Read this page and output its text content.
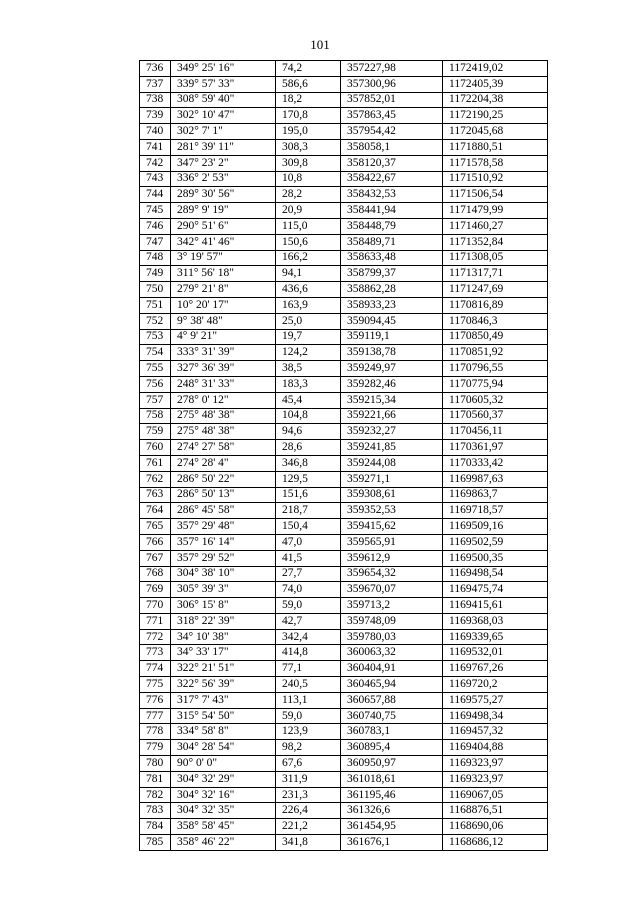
101
736	349° 25' 16"	74,2	357227,98	1172419,02
737	339° 57' 33"	586,6	357300,96	1172405,39
738	308° 59' 40"	18,2	357852,01	1172204,38
739	302° 10' 47"	170,8	357863,45	1172190,25
740	302° 7' 1"	195,0	357954,42	1172045,68
741	281° 39' 11"	308,3	358058,1	1171880,51
742	347° 23' 2"	309,8	358120,37	1171578,58
743	336° 2' 53"	10,8	358422,67	1171510,92
744	289° 30' 56"	28,2	358432,53	1171506,54
745	289° 9' 19"	20,9	358441,94	1171479,99
746	290° 51' 6"	115,0	358448,79	1171460,27
747	342° 41' 46"	150,6	358489,71	1171352,84
748	3° 19' 57"	166,2	358633,48	1171308,05
749	311° 56' 18"	94,1	358799,37	1171317,71
750	279° 21' 8"	436,6	358862,28	1171247,69
751	10° 20' 17"	163,9	358933,23	1170816,89
752	9° 38' 48"	25,0	359094,45	1170846,3
753	4° 9' 21"	19,7	359119,1	1170850,49
754	333° 31' 39"	124,2	359138,78	1170851,92
755	327° 36' 39"	38,5	359249,97	1170796,55
756	248° 31' 33"	183,3	359282,46	1170775,94
757	278° 0' 12"	45,4	359215,34	1170605,32
758	275° 48' 38"	104,8	359221,66	1170560,37
759	275° 48' 38"	94,6	359232,27	1170456,11
760	274° 27' 58"	28,6	359241,85	1170361,97
761	274° 28' 4"	346,8	359244,08	1170333,42
762	286° 50' 22"	129,5	359271,1	1169987,63
763	286° 50' 13"	151,6	359308,61	1169863,7
764	286° 45' 58"	218,7	359352,53	1169718,57
765	357° 29' 48"	150,4	359415,62	1169509,16
766	357° 16' 14"	47,0	359565,91	1169502,59
767	357° 29' 52"	41,5	359612,9	1169500,35
768	304° 38' 10"	27,7	359654,32	1169498,54
769	305° 39' 3"	74,0	359670,07	1169475,74
770	306° 15' 8"	59,0	359713,2	1169415,61
771	318° 22' 39"	42,7	359748,09	1169368,03
772	34° 10' 38"	342,4	359780,03	1169339,65
773	34° 33' 17"	414,8	360063,32	1169532,01
774	322° 21' 51"	77,1	360404,91	1169767,26
775	322° 56' 39"	240,5	360465,94	1169720,2
776	317° 7' 43"	113,1	360657,88	1169575,27
777	315° 54' 50"	59,0	360740,75	1169498,34
778	334° 58' 8"	123,9	360783,1	1169457,32
779	304° 28' 54"	98,2	360895,4	1169404,88
780	90° 0' 0"	67,6	360950,97	1169323,97
781	304° 32' 29"	311,9	361018,61	1169323,97
782	304° 32' 16"	231,3	361195,46	1169067,05
783	304° 32' 35"	226,4	361326,6	1168876,51
784	358° 58' 45"	221,2	361454,95	1168690,06
785	358° 46' 22"	341,8	361676,1	1168686,12
